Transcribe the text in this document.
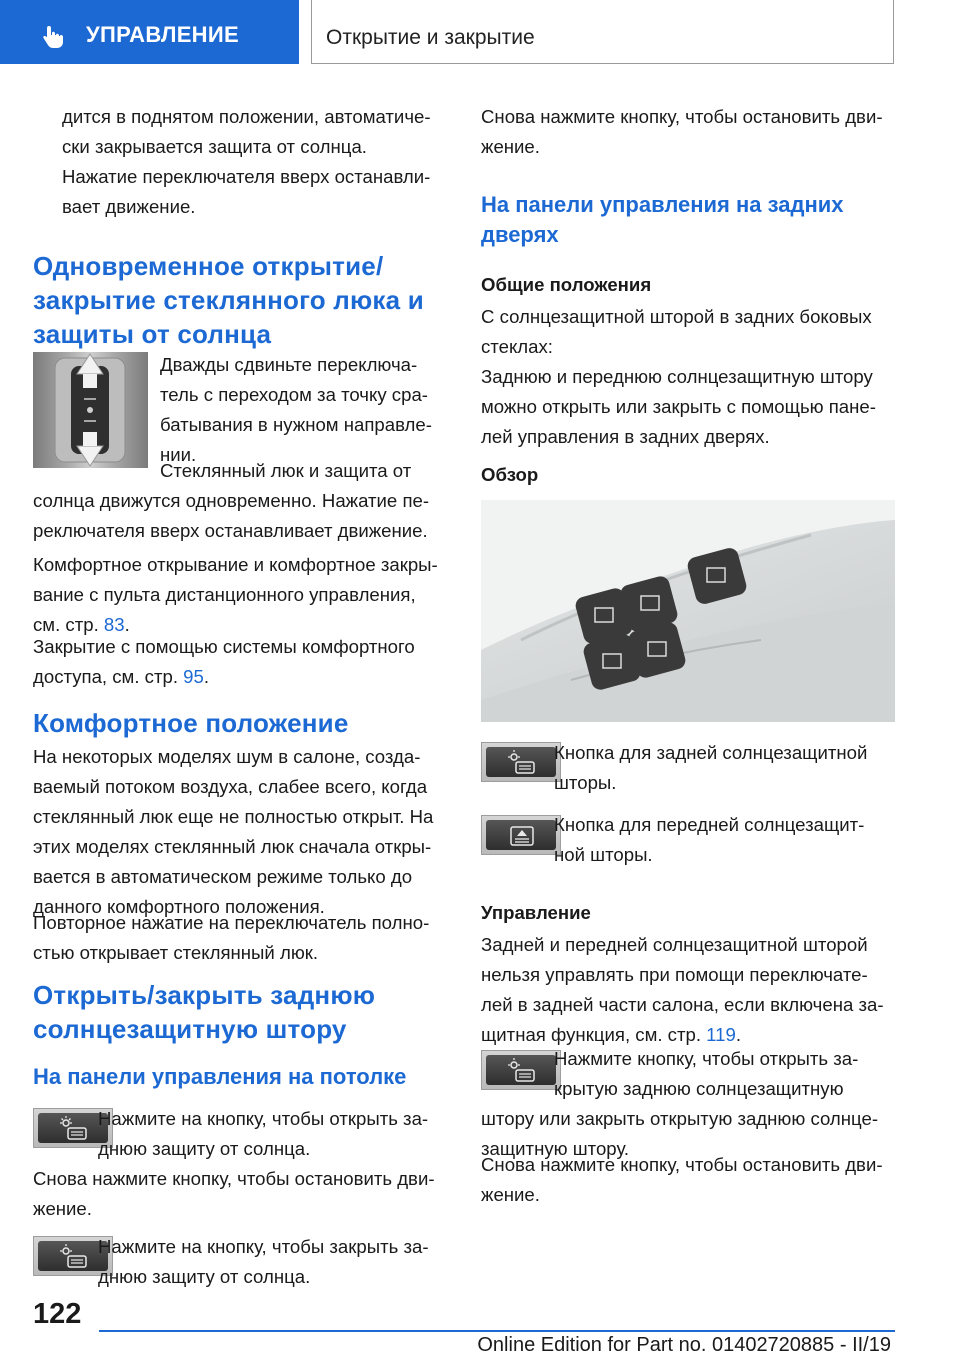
УПРАВЛЕНИЕ	Открытие и закрытие
дится в поднятом положении, автоматиче-
ски закрывается защита от солнца.
Нажатие переключателя вверх останавли-
вает движение.
Одновременное открытие/
закрытие стеклянного люка и
защиты от солнца
Дважды сдвиньте переключа-
тель с переходом за точку сра-
батывания в нужном направле-
нии.
Стеклянный люк и защита от
солнца движутся одновременно. Нажатие пе-
реключателя вверх останавливает движение.
Комфортное открывание и комфортное закры-
вание с пульта дистанционного управления,
см. стр. 83.
Закрытие с помощью системы комфортного
доступа, см. стр. 95.
Комфортное положение
На некоторых моделях шум в салоне, созда-
ваемый потоком воздуха, слабее всего, когда
стеклянный люк еще не полностью открыт. На
этих моделях стеклянный люк сначала откры-
вается в автоматическом режиме только до
данного комфортного положения.
Повторное нажатие на переключатель полно-
стью открывает стеклянный люк.
Открыть/закрыть заднюю
солнцезащитную штору
На панели управления на потолке
Нажмите на кнопку, чтобы открыть за-
днюю защиту от солнца.
Снова нажмите кнопку, чтобы остановить дви-
жение.
Нажмите на кнопку, чтобы закрыть за-
днюю защиту от солнца.
Снова нажмите кнопку, чтобы остановить дви-
жение.
На панели управления на задних
дверях
Общие положения
С солнцезащитной шторой в задних боковых
стеклах:
Заднюю и переднюю солнцезащитную штору
можно открыть или закрыть с помощью пане-
лей управления в задних дверях.
Обзор
Кнопка для задней солнцезащитной
шторы.
Кнопка для передней солнцезащит-
ной шторы.
Управление
Задней и передней солнцезащитной шторой
нельзя управлять при помощи переключате-
лей в задней части салона, если включена за-
щитная функция, см. стр. 119.
Нажмите кнопку, чтобы открыть за-
крытую заднюю солнцезащитную
штору или закрыть открытую заднюю солнце-
защитную штору.
Снова нажмите кнопку, чтобы остановить дви-
жение.
122
Online Edition for Part no. 01402720885 - II/19
